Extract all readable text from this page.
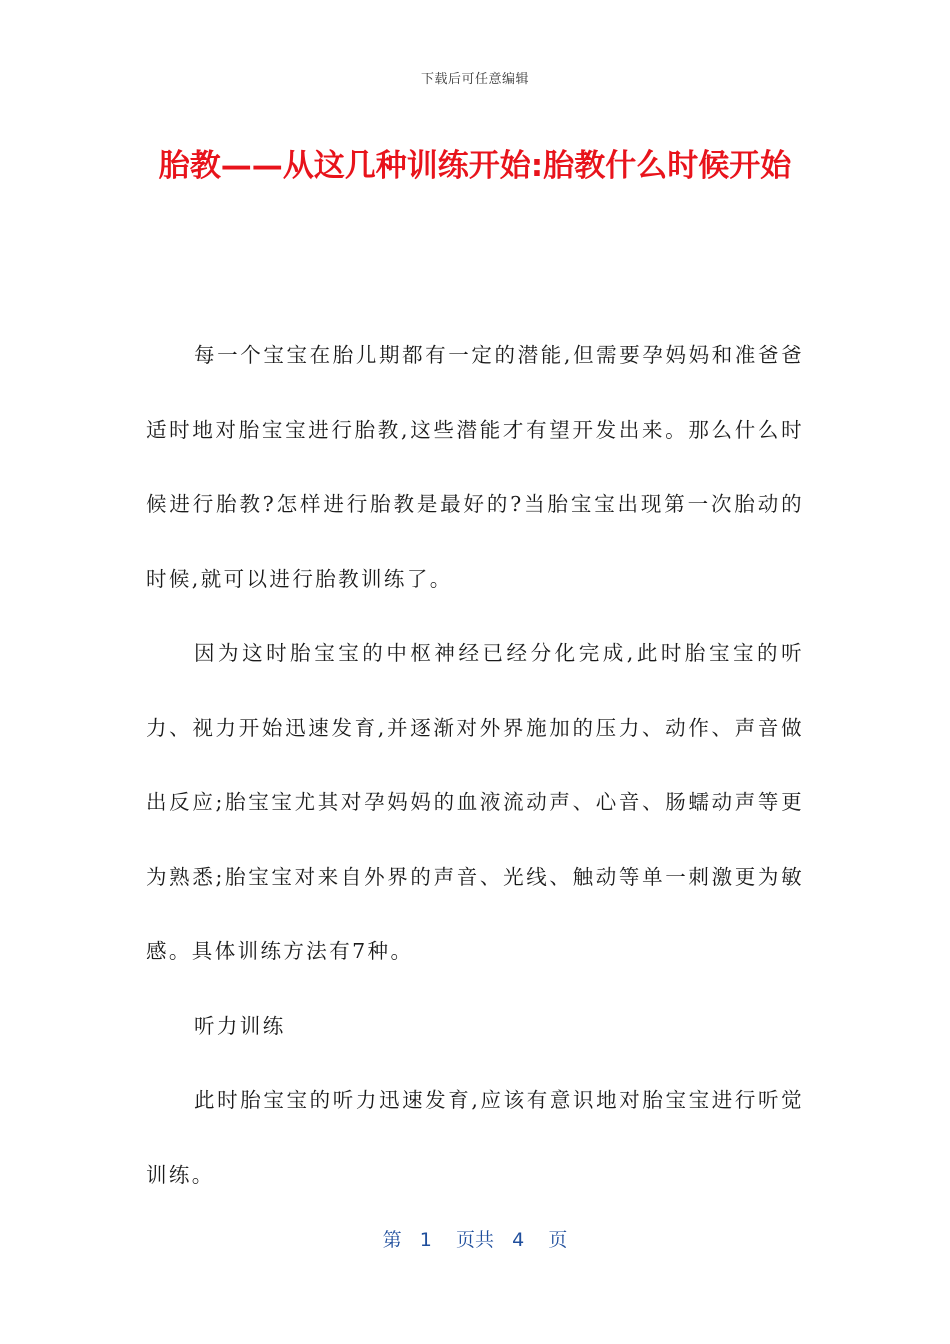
下载后可任意编辑
胎教——从这几种训练开始:胎教什么时候开始

每一个宝宝在胎儿期都有一定的潜能,但需要孕妈妈和准爸爸适时地对胎宝宝进行胎教,这些潜能才有望开发出来。那么什么时候进行胎教?怎样进行胎教是最好的?当胎宝宝出现第一次胎动的时候,就可以进行胎教训练了。

因为这时胎宝宝的中枢神经已经分化完成,此时胎宝宝的听力、视力开始迅速发育,并逐渐对外界施加的压力、动作、声音做出反应;胎宝宝尤其对孕妈妈的血液流动声、心音、肠蠕动声等更为熟悉;胎宝宝对来自外界的声音、光线、触动等单一刺激更为敏感。具体训练方法有7种。

听力训练

此时胎宝宝的听力迅速发育,应该有意识地对胎宝宝进行听觉训练。

第 1 页共 4 页
